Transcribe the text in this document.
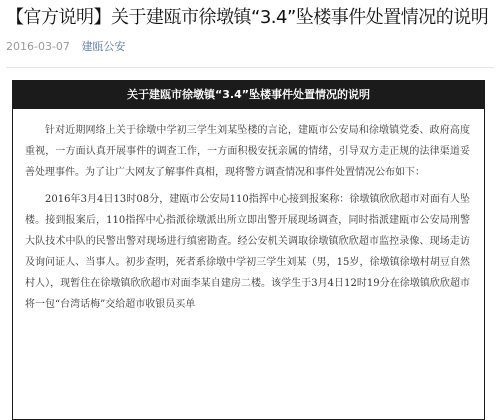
【官方说明】关于建瓯市徐墩镇“3.4”坠楼事件处置情况的说明
2016-03-07 建瓯公安
关于建瓯市徐墩镇“3.4”坠楼事件处置情况的说明

针对近期网络上关于徐墩中学初三学生刘某坠楼的言论，建瓯市公安局和徐墩镇党委、政府高度重视，一方面认真开展事件的调查工作，一方面积极安抚亲属的情绪，引导双方走正规的法律渠道妥善处理事件。为了让广大网友了解事件真相，现将警方调查情况和事件处置情况公布如下：

2016年3月4日13时08分，建瓯市公安局110指挥中心接到报案称：徐墩镇欣欣超市对面有人坠楼。接到报案后，110指挥中心指派徐墩派出所立即出警开展现场调查，同时指派建瓯市公安局刑警大队技术中队的民警出警对现场进行缜密勘查。经公安机关调取徐墩镇欣欣超市监控录像、现场走访及询问证人、当事人。初步查明，死者系徐墩中学初三学生刘某（男，15岁，徐墩镇徐墩村胡豆自然村人），现暂住在徐墩镇欣欣超市对面李某自建房二楼。该学生于3月4日12时19分在徐墩镇欣欣超市将一包“台湾话梅”交给超市收银员买单
